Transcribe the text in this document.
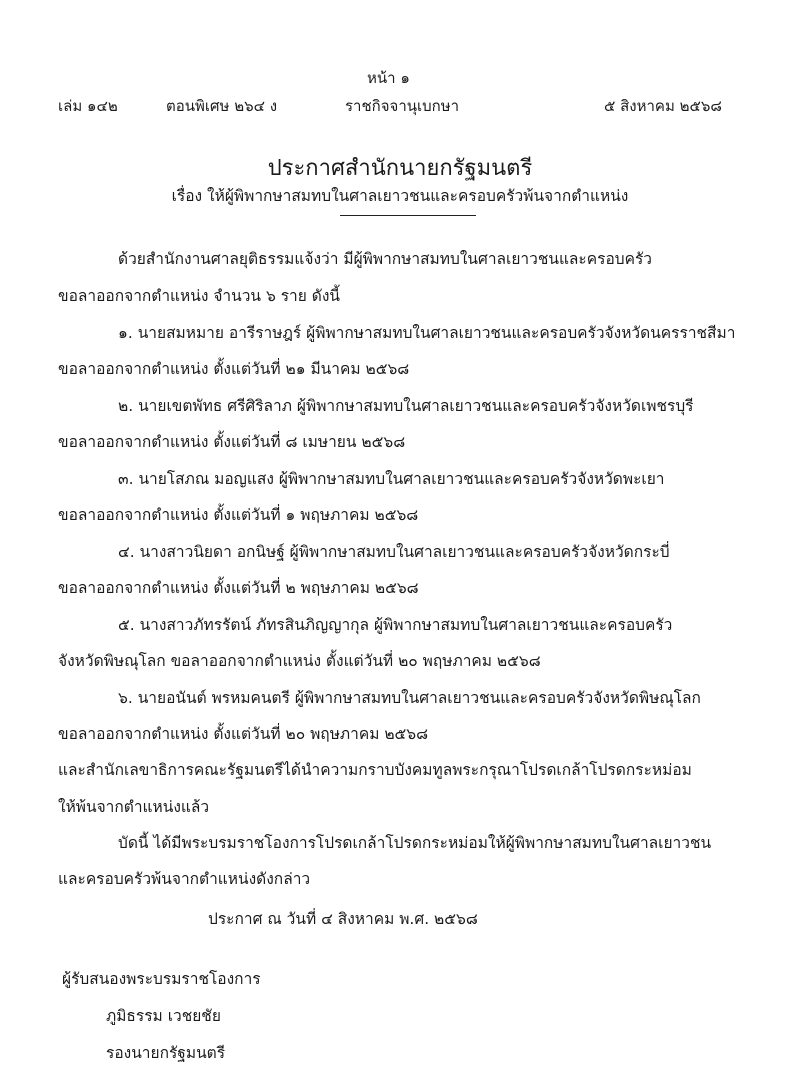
หน้า ๑
เล่ม ๑๔๒	ตอนพิเศษ ๒๖๔ ง	ราชกิจจานุเบกษา	๕ สิงหาคม ๒๕๖๘
ประกาศสำนักนายกรัฐมนตรี
เรื่อง ให้ผู้พิพากษาสมทบในศาลเยาวชนและครอบครัวพ้นจากตำแหน่ง
ด้วยสำนักงานศาลยุติธรรมแจ้งว่า มีผู้พิพากษาสมทบในศาลเยาวชนและครอบครัว
ขอลาออกจากตำแหน่ง จำนวน ๖ ราย ดังนี้
๑. นายสมหมาย อารีราษฎร์ ผู้พิพากษาสมทบในศาลเยาวชนและครอบครัวจังหวัดนครราชสีมา
ขอลาออกจากตำแหน่ง ตั้งแต่วันที่ ๒๑ มีนาคม ๒๕๖๘
๒. นายเขตพัทธ ศรีศิริลาภ ผู้พิพากษาสมทบในศาลเยาวชนและครอบครัวจังหวัดเพชรบุรี
ขอลาออกจากตำแหน่ง ตั้งแต่วันที่ ๘ เมษายน ๒๕๖๘
๓. นายโสภณ มอญแสง ผู้พิพากษาสมทบในศาลเยาวชนและครอบครัวจังหวัดพะเยา
ขอลาออกจากตำแหน่ง ตั้งแต่วันที่ ๑ พฤษภาคม ๒๕๖๘
๔. นางสาวนิยดา อกนิษฐ์ ผู้พิพากษาสมทบในศาลเยาวชนและครอบครัวจังหวัดกระบี่
ขอลาออกจากตำแหน่ง ตั้งแต่วันที่ ๒ พฤษภาคม ๒๕๖๘
๕. นางสาวภัทรรัตน์ ภัทรสินภิญญากุล ผู้พิพากษาสมทบในศาลเยาวชนและครอบครัว
จังหวัดพิษณุโลก ขอลาออกจากตำแหน่ง ตั้งแต่วันที่ ๒๐ พฤษภาคม ๒๕๖๘
๖. นายอนันต์ พรหมคนตรี ผู้พิพากษาสมทบในศาลเยาวชนและครอบครัวจังหวัดพิษณุโลก
ขอลาออกจากตำแหน่ง ตั้งแต่วันที่ ๒๐ พฤษภาคม ๒๕๖๘
และสำนักเลขาธิการคณะรัฐมนตรีได้นำความกราบบังคมทูลพระกรุณาโปรดเกล้าโปรดกระหม่อม
ให้พ้นจากตำแหน่งแล้ว
บัดนี้ ได้มีพระบรมราชโองการโปรดเกล้าโปรดกระหม่อมให้ผู้พิพากษาสมทบในศาลเยาวชน
และครอบครัวพ้นจากตำแหน่งดังกล่าว
ประกาศ ณ วันที่ ๔ สิงหาคม พ.ศ. ๒๕๖๘
ผู้รับสนองพระบรมราชโองการ
ภูมิธรรม เวชยชัย
รองนายกรัฐมนตรี
